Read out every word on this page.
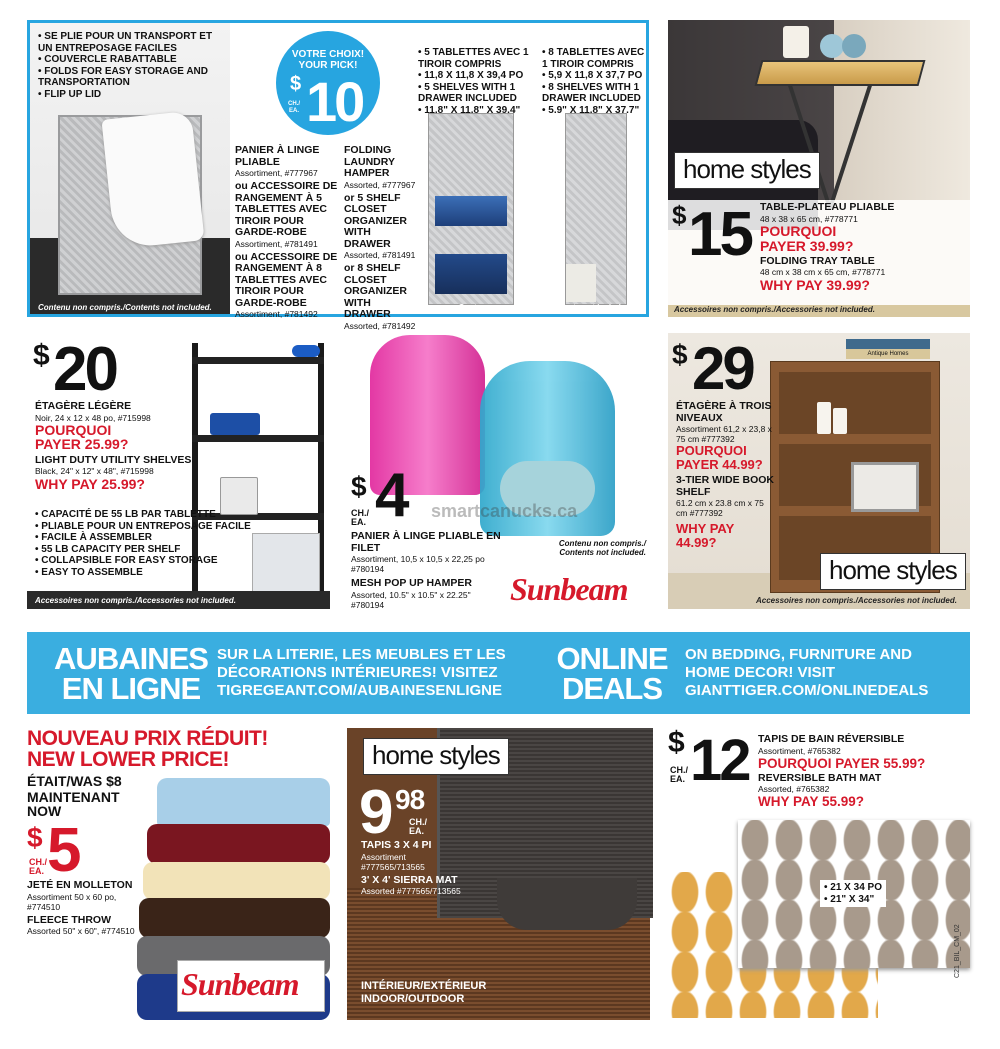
• SE PLIE POUR UN TRANSPORT ET UN ENTREPOSAGE FACILES
• COUVERCLE RABATTABLE
• FOLDS FOR EASY STORAGE AND TRANSPORTATION
• FLIP UP LID
Contenu non compris./Contents not included.
VOTRE CHOIX!
YOUR PICK!
$ 10
CH./ EA.
PANIER À LINGE PLIABLE
Assortiment, #777967
ou ACCESSOIRE DE RANGEMENT À 5 TABLETTES AVEC TIROIR POUR GARDE-ROBE
Assortiment, #781491
ou ACCESSOIRE DE RANGEMENT À 8 TABLETTES AVEC TIROIR POUR GARDE-ROBE
Assortiment, #781492
FOLDING LAUNDRY HAMPER
Assorted, #777967
or 5 SHELF CLOSET ORGANIZER WITH DRAWER
Assorted, #781491
or 8 SHELF CLOSET ORGANIZER WITH DRAWER
Assorted, #781492
• 5 TABLETTES AVEC 1 TIROIR COMPRIS
• 11,8 X 11,8 X 39,4 PO
• 5 SHELVES WITH 1 DRAWER INCLUDED
• 11.8" X 11.8" X 39.4"
• 8 TABLETTES AVEC 1 TIROIR COMPRIS
• 5,9 X 11,8 X 37,7 PO
• 8 SHELVES WITH 1 DRAWER INCLUDED
• 5.9" X 11.8" X 37.7"
Contenu non compris./Contents not included.
home styles
$ 15 TABLE-PLATEAU PLIABLE
48 x 38 x 65 cm, #778771
POURQUOI PAYER 39.99?
FOLDING TRAY TABLE
48 cm x 38 cm x 65 cm, #778771
WHY PAY 39.99?
Accessoires non compris./Accessories not included.
$ 20
ÉTAGÈRE LÉGÈRE
Noir, 24 x 12 x 48 po, #715998
POURQUOI PAYER 25.99?
LIGHT DUTY UTILITY SHELVES
Black, 24" x 12" x 48", #715998
WHY PAY 25.99?
• CAPACITÉ DE 55 LB PAR TABLETTE
• PLIABLE POUR UN ENTREPOSAGE FACILE
• FACILE À ASSEMBLER
• 55 LB CAPACITY PER SHELF
• COLLAPSIBLE FOR EASY STORAGE
• EASY TO ASSEMBLE
Accessoires non compris./Accessories not included.
smartcanucks.ca
$ 4
CH./ EA.
PANIER À LINGE PLIABLE EN FILET
Assortiment, 10,5 x 10,5 x 22,25 po #780194
MESH POP UP HAMPER
Assorted, 10.5" x 10.5" x 22.25" #780194
Contenu non compris./ Contents not included.
Sunbeam
Antique Homes
$ 29
ÉTAGÈRE À TROIS NIVEAUX
Assortiment 61,2 x 23,8 x 75 cm #777392
POURQUOI PAYER 44.99?
3-TIER WIDE BOOK SHELF
61.2 cm x 23.8 cm x 75 cm #777392
WHY PAY 44.99?
home styles
Accessoires non compris./Accessories not included.
AUBAINES EN LIGNE
SUR LA LITERIE, LES MEUBLES ET LES DÉCORATIONS INTÉRIEURES! VISITEZ TIGREGEANT.COM/AUBAINESENLIGNE
ONLINE DEALS
ON BEDDING, FURNITURE AND HOME DECOR! VISIT GIANTTIGER.COM/ONLINEDEALS
NOUVEAU PRIX RÉDUIT!
NEW LOWER PRICE!
ÉTAIT/WAS $8
MAINTENANT NOW
$ 5
CH./ EA.
JETÉ EN MOLLETON
Assortiment 50 x 60 po, #774510
FLEECE THROW
Assorted 50" x 60", #774510
Sunbeam
home styles
9 98
CH./ EA.
TAPIS 3 X 4 PI
Assortiment #777565/713565
3' X 4' SIERRA MAT
Assorted #777565/713565
INTÉRIEUR/EXTÉRIEUR INDOOR/OUTDOOR
$ 12
CH./ EA.
TAPIS DE BAIN RÉVERSIBLE
Assortiment, #765382
POURQUOI PAYER 55.99?
REVERSIBLE BATH MAT
Assorted, #765382
WHY PAY 55.99?
• 21 X 34 PO
• 21" X 34"
C21_BIL_CM_02
